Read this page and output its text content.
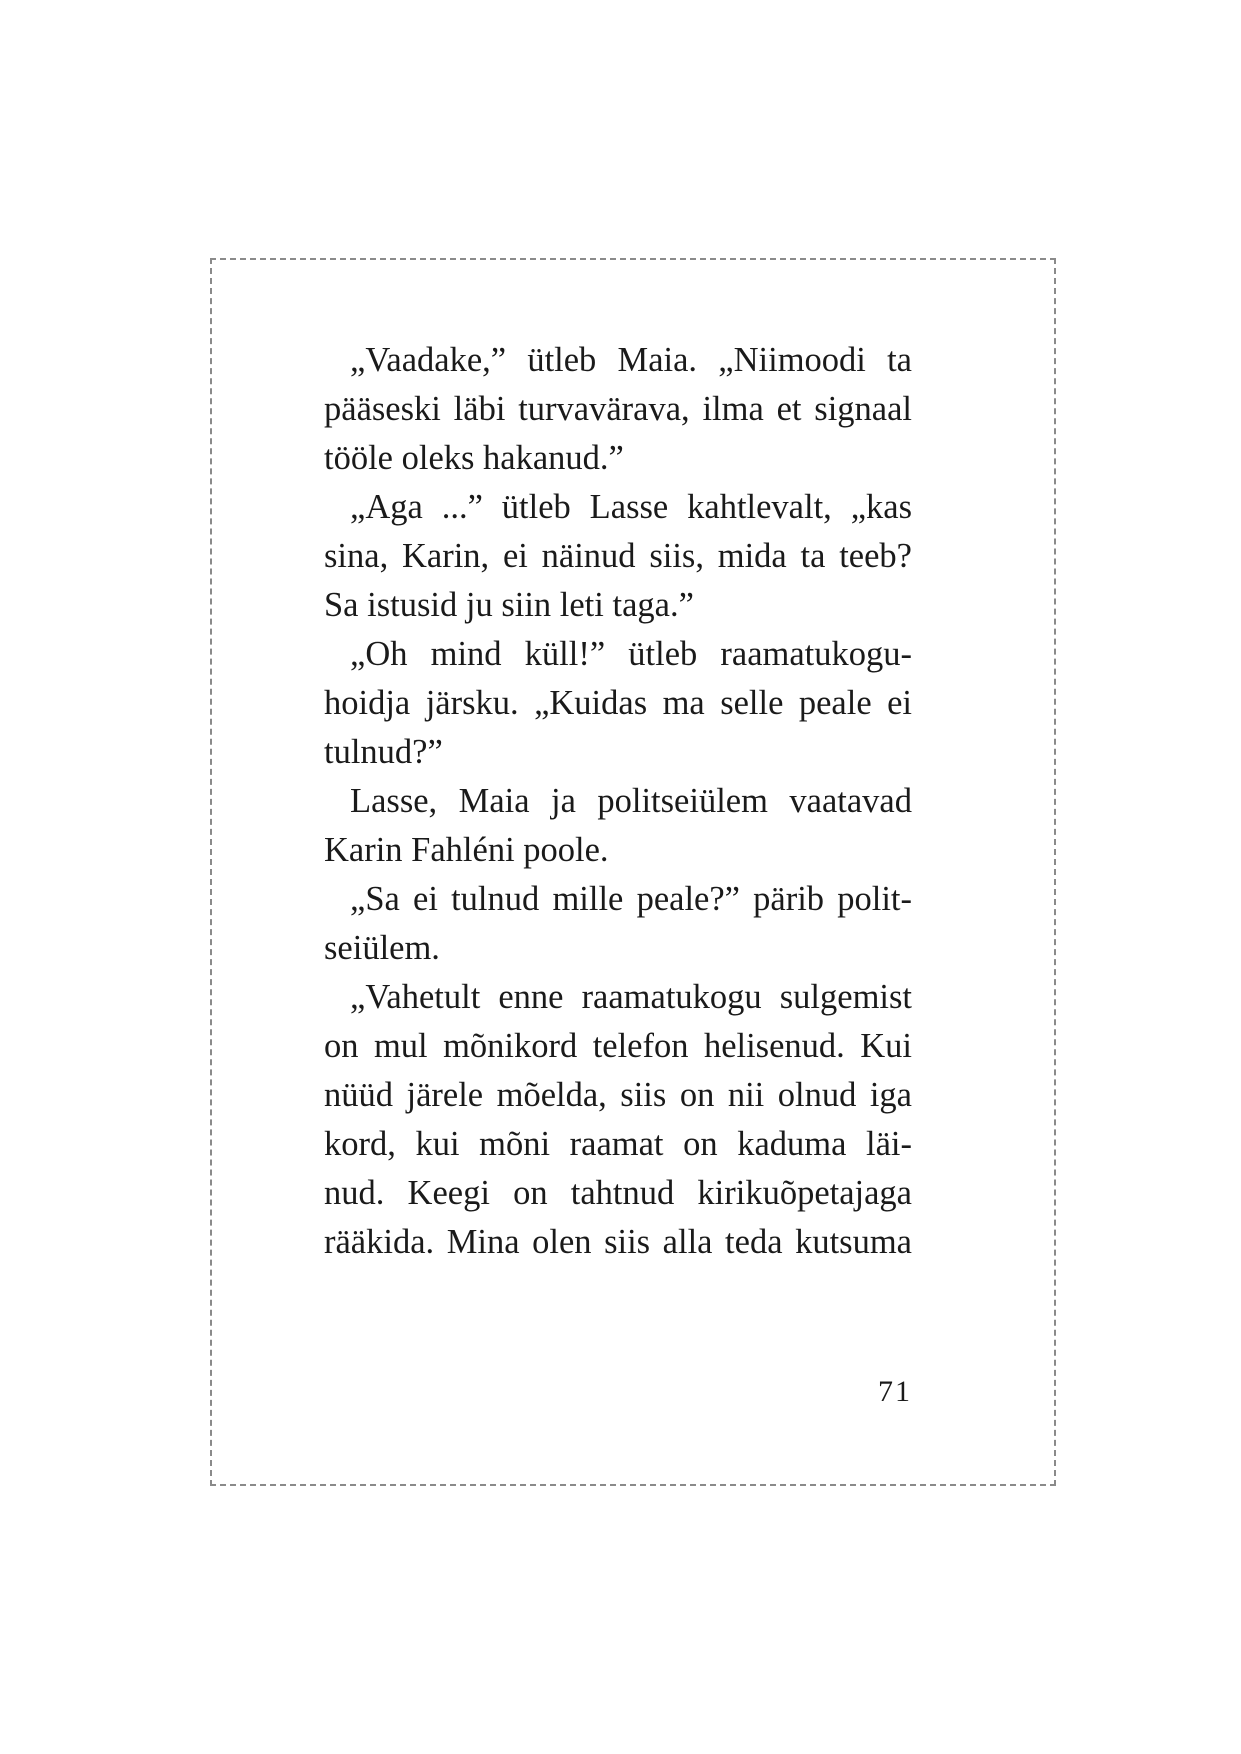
„Vaadake,” ütleb Maia. „Niimoodi ta
pääseski läbi turvavärava, ilma et signaal
tööle oleks hakanud.”
„Aga ...” ütleb Lasse kahtlevalt, „kas
sina, Karin, ei näinud siis, mida ta teeb?
Sa istusid ju siin leti taga.”
„Oh mind küll!” ütleb raamatukogu-
hoidja järsku. „Kuidas ma selle peale ei
tulnud?”
Lasse, Maia ja politseiülem vaatavad
Karin Fahléni poole.
„Sa ei tulnud mille peale?” pärib polit-
seiülem.
„Vahetult enne raamatukogu sulgemist
on mul mõnikord telefon helisenud. Kui
nüüd järele mõelda, siis on nii olnud iga
kord, kui mõni raamat on kaduma läi-
nud. Keegi on tahtnud kirikuõpetajaga
rääkida. Mina olen siis alla teda kutsuma
71
